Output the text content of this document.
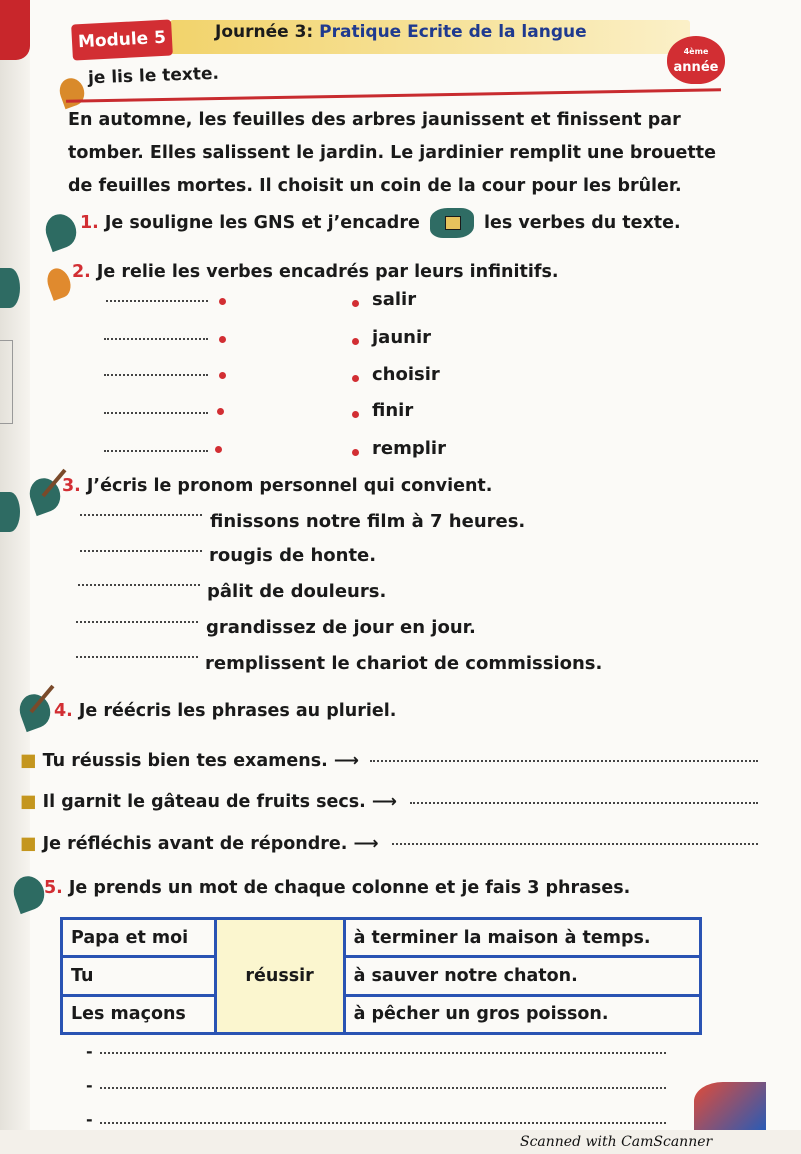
Module 5	Journée 3: Pratique Ecrite de la langue
4ème
année
je lis le texte.

En automne, les feuilles des arbres jaunissent et finissent par

tomber. Elles salissent le jardin. Le jardinier remplit une brouette

de feuilles mortes. Il choisit un coin de la cour pour les brûler.

1. Je souligne les GNS et j’encadre	les verbes du texte.
2. Je relie les verbes encadrés par leurs infinitifs.
salir
jaunir
choisir
finir
remplir
3. J’écris le pronom personnel qui convient.
finissons notre film à 7 heures.
rougis de honte.
pâlit de douleurs.
grandissez de jour en jour.
remplissent le chariot de commissions.
4. Je réécris les phrases au pluriel.
■ Tu réussis bien tes examens. ⟶
■ Il garnit le gâteau de fruits secs. ⟶
■ Je réfléchis avant de répondre. ⟶
5. Je prends un mot de chaque colonne et je fais 3 phrases.
Papa et moi	réussir	à terminer la maison à temps.
Tu		à sauver notre chaton.
Les maçons		à pêcher un gros poisson.
-
-
-
Scanned with CamScanner
